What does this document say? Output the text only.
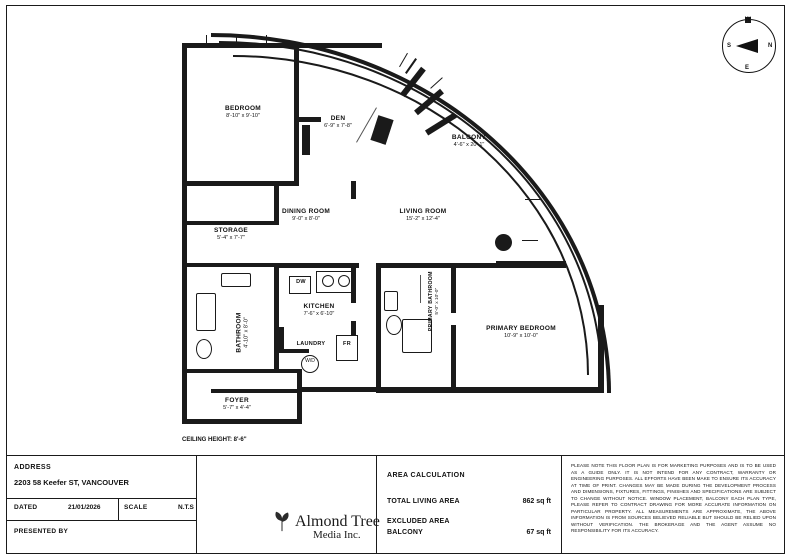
N
S
W
E
BEDROOM
8'-10" x 9'-10"	DEN
6'-9" x 7'-8"
BALCONY
4'-6" x 20'-1"
DINING ROOM
9'-0" x 8'-0"
LIVING ROOM
15'-2" x 12'-4"
STORAGE
5'-4" x 7'-7"
BATHROOM 4'-10" x 8'-0"
KITCHEN
7'-6" x 6'-10"	PRIMARY BATHROOM 5'-0" x 10'-0"
PRIMARY BEDROOM
10'-9" x 10'-0"
LAUNDRY
W/D
FOYER
5'-7" x 4'-4"
DW
FR
CEILING HEIGHT: 8'-6"
ADDRESS
2203 58 Keefer ST, VANCOUVER
DATED	21/01/2026	SCALE	N.T.S
PRESENTED BY
Almond Tree
Media Inc.
AREA CALCULATION
TOTAL LIVING AREA	862 sq ft
EXCLUDED AREA
BALCONY	67 sq ft
PLEASE NOTE THIS FLOOR PLAN IS FOR MARKETING PURPOSES AND IS TO BE USED AS A GUIDE ONLY. IT IS NOT INTEND FOR ANY CONTRACT, WARRANTY OR ENGINEERING PURPOSES. ALL EFFORTS HAVE BEEN MAKE TO ENSURE ITS ACCURACY AT TIME OF PRINT. CHANGES MAY BE MADE DURING THE DEVELOPMENT PROCESS AND DIMENSIONS, FIXTURES, FITTINGS, FINISHES AND SPECIFICATIONS ARE SUBJECT TO CHANGE WITHOUT NOTICE. WINDOW PLACEMENT, BALCONY EACH PLAN TYPE, PLEASE REFER TO CONTRACT DRAWING FOR MORE ACCURATE INFORMATION ON PARTICULAR PROPERTY. ALL MEASUREMENTS ARE APPROXIMATE, THE ABOVE INFORMATION IS FROM SOURCES BELIEVED RELIABLE BUT SHOULD BE RELIED UPON WITHOUT VERIFICATION. THE BROKERAGE AND THE AGENT ASSUME NO RESPONSIBILITY FOR ITS ACCURACY.
